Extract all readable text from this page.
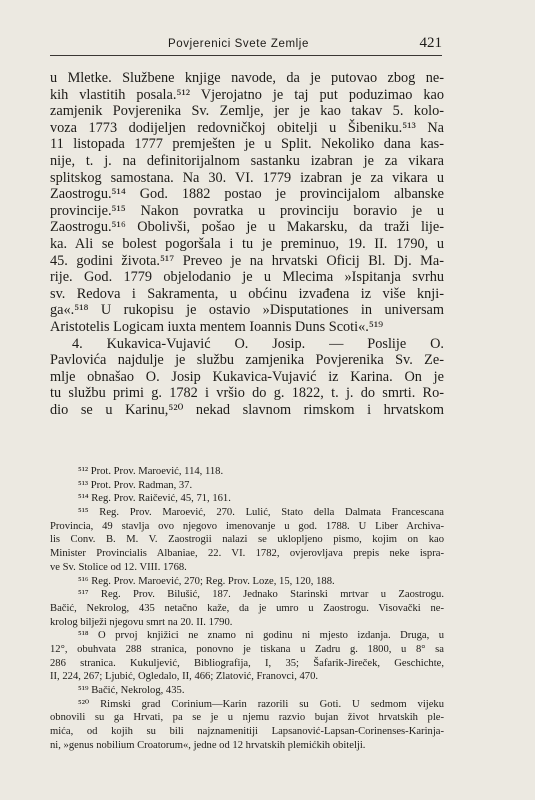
Povjerenici Svete Zemlje	421
u Mletke. Službene knjige navode, da je putovao zbog ne-
kih vlastitih posala.⁵¹² Vjerojatno je taj put poduzimao kao
zamjenik Povjerenika Sv. Zemlje, jer je kao takav 5. kolo-
voza 1773 dodijeljen redovničkoj obitelji u Šibeniku.⁵¹³ Na
11 listopada 1777 premješten je u Split. Nekoliko dana kas-
nije, t. j. na definitorijalnom sastanku izabran je za vikara
splitskog samostana. Na 30. VI. 1779 izabran je za vikara u
Zaostrogu.⁵¹⁴ God. 1882 postao je provincijalom albanske
provincije.⁵¹⁵ Nakon povratka u provinciju boravio je u
Zaostrogu.⁵¹⁶ Obolivši, pošao je u Makarsku, da traži lije-
ka. Ali se bolest pogoršala i tu je preminuo, 19. II. 1790, u
45. godini života.⁵¹⁷ Preveo je na hrvatski Oficij Bl. Dj. Ma-
rije. God. 1779 objelodanio je u Mlecima »Ispitanja svrhu
sv. Redova i Sakramenta, u obćinu izvađena iz više knji-
ga«.⁵¹⁸ U rukopisu je ostavio »Disputationes in universam
Aristotelis Logicam iuxta mentem Ioannis Duns Scoti«.⁵¹⁹
4. Kukavica-Vujavić O. Josip. — Poslije O.
Pavlovića najdulje je službu zamjenika Povjerenika Sv. Ze-
mlje obnašao O. Josip Kukavica-Vujavić iz Karina. On je
tu službu primi g. 1782 i vršio do g. 1822, t. j. do smrti. Ro-
dio se u Karinu,⁵²⁰ nekad slavnom rimskom i hrvatskom
⁵¹² Prot. Prov. Maroević, 114, 118.
⁵¹³ Prot. Prov. Radman, 37.
⁵¹⁴ Reg. Prov. Raičević, 45, 71, 161.
⁵¹⁵ Reg. Prov. Maroević, 270. Lulić, Stato della Dalmata Francescana
Provincia, 49 stavlja ovo njegovo imenovanje u god. 1788. U Liber Archiva-
lis Conv. B. M. V. Zaostrogii nalazi se uklopljeno pismo, kojim on kao
Minister Provincialis Albaniae, 22. VI. 1782, ovjerovljava prepis neke ispra-
ve Sv. Stolice od 12. VIII. 1768.
⁵¹⁶ Reg. Prov. Maroević, 270; Reg. Prov. Loze, 15, 120, 188.
⁵¹⁷ Reg. Prov. Bilušić, 187. Jednako Starinski mrtvar u Zaostrogu.
Bačić, Nekrolog, 435 netačno kaže, da je umro u Zaostrogu. Visovački ne-
krolog bilježi njegovu smrt na 20. II. 1790.
⁵¹⁸ O prvoj knjižici ne znamo ni godinu ni mjesto izdanja. Druga, u
12°, obuhvata 288 stranica, ponovno je tiskana u Zadru g. 1800, u 8° sa
286 stranica. Kukuljević, Bibliografija, I, 35; Šafarik-Jireček, Geschichte,
II, 224, 267; Ljubić, Ogledalo, II, 466; Zlatović, Franovci, 470.
⁵¹⁹ Bačić, Nekrolog, 435.
⁵²⁰ Rimski grad Corinium—Karin razorili su Goti. U sedmom vijeku
obnovili su ga Hrvati, pa se je u njemu razvio bujan život hrvatskih ple-
mića, od kojih su bili najznamenitiji Lapsanović-Lapsan-Corinenses-Karinja-
ni, »genus nobilium Croatorum«, jedne od 12 hrvatskih plemićkih obitelji.
